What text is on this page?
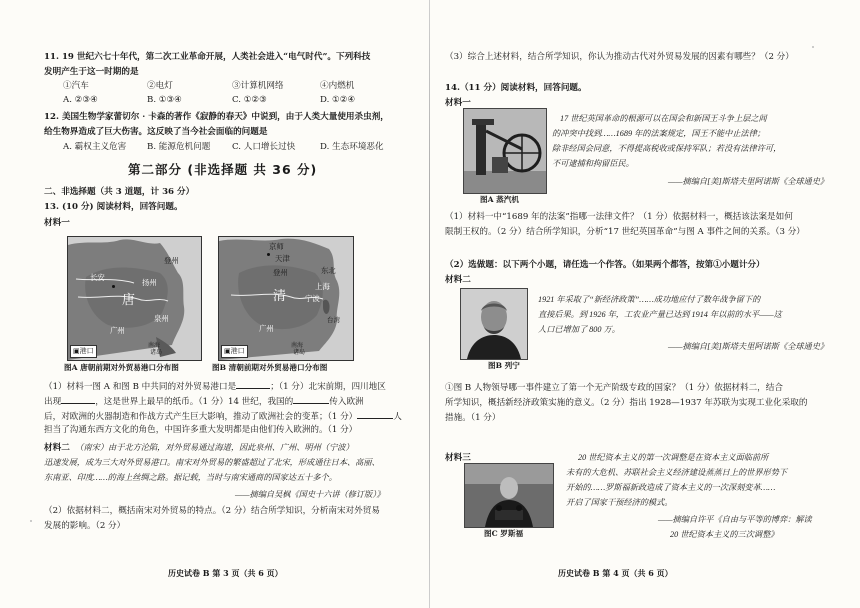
11. 19 世纪六七十年代，第二次工业革命开展，人类社会进入“电气时代”。下列科技

发明产生于这一时期的是

①汽车	②电灯	③计算机网络	④内燃机

A. ②③④	B. ①③④	C. ①②③	D. ①②④

12. 美国生物学家蕾切尔 · 卡森的著作《寂静的春天》中说到，由于人类大量使用杀虫剂，

给生物界造成了巨大伤害。这反映了当今社会面临的问题是

A. 霸权主义危害 B. 能源危机问题	C. 人口增长过快	D. 生态环境恶化

第二部分 (非选择题 共 36 分)

二、非选择题（共 3 道题，计 36 分）

13. (10 分) 阅读材料，回答问题。

材料一

长安
扬州
登州
唐
广州
泉州
南海
诸岛
▣港口

图A 唐朝前期对外贸易港口分布图

京师
天津
登州	东北
清
上海
宁波
广州
台湾
南海
诸岛
▣港口

图B 清朝前期对外贸易港口分布图

（1）材料一图 A 和图 B 中共同的对外贸易港口是	；（1 分）北宋前期，四川地区

出现	，这是世界上最早的纸币。（1 分）14 世纪，我国的	传入欧洲

后，对欧洲的火器制造和作战方式产生巨大影响，推动了欧洲社会的变革；（1 分）	人

担当了沟通东西方文化的角色，中国许多重大发明都是由他们传入欧洲的。（1 分）

材料二 （南宋）由于北方沦陷，对外贸易通过海道，因此泉州、广州、明州（宁波）

迅速发展，成为三大对外贸易港口。南宋对外贸易的繁盛超过了北宋，形成通往日本、高丽、

东南亚、印度……的海上丝绸之路。据记载，当时与南宋通商的国家达五十多个。

——摘编自吴枫《国史十六讲（修订版）》

（2）依据材料二，概括南宋对外贸易的特点。（2 分）结合所学知识，分析南宋对外贸易

发展的影响。（2 分）

历史试卷 B 第 3 页（共 6 页）

（3）综合上述材料，结合所学知识，你认为推动古代对外贸易发展的因素有哪些？（2 分）

14.（11 分）阅读材料，回答问题。

材料一

图A 蒸汽机

17 世纪英国革命的根源可以在国会和新国王斗争上层之间

的冲突中找到……1689 年的法案规定，国王不能中止法律；

除非经国会同意，不得提高税收或保持军队；若没有法律许可，

不可逮捕和拘留臣民。

——摘编自[美]斯塔夫里阿诺斯《全球通史》

（1）材料一中“1689 年的法案”指哪一法律文件？（1 分）依据材料一，概括该法案是如何

限制王权的。（2 分）结合所学知识，分析“17 世纪英国革命”与图 A 事件之间的关系。（3 分）

（2）选做题：以下两个小题，请任选一个作答。（如果两个都答，按第①小题计分）

材料二

图B 列宁

1921 年采取了“新经济政策”……成功地应付了数年战争留下的

直接后果。到 1926 年，工农业产量已达到 1914 年以前的水平——这

人口已增加了 800 万。

——摘编自[美]斯塔夫里阿诺斯《全球通史》

①图 B 人物领导哪一事件建立了第一个无产阶级专政的国家？（1 分）依据材料二，结合

所学知识，概括新经济政策实施的意义。（2 分）指出 1928—1937 年苏联为实现工业化采取的

措施。（1 分）

材料三

图C 罗斯福

20 世纪资本主义的第一次调整是在资本主义面临前所

未有的大危机、苏联社会主义经济建设蒸蒸日上的世界形势下

开始的……罗斯福新政造成了资本主义的一次深刻变革……

开启了国家干预经济的模式。

——摘编自许平《自由与平等的博弈：解读

20 世纪资本主义的三次调整》

历史试卷 B 第 4 页（共 6 页）
